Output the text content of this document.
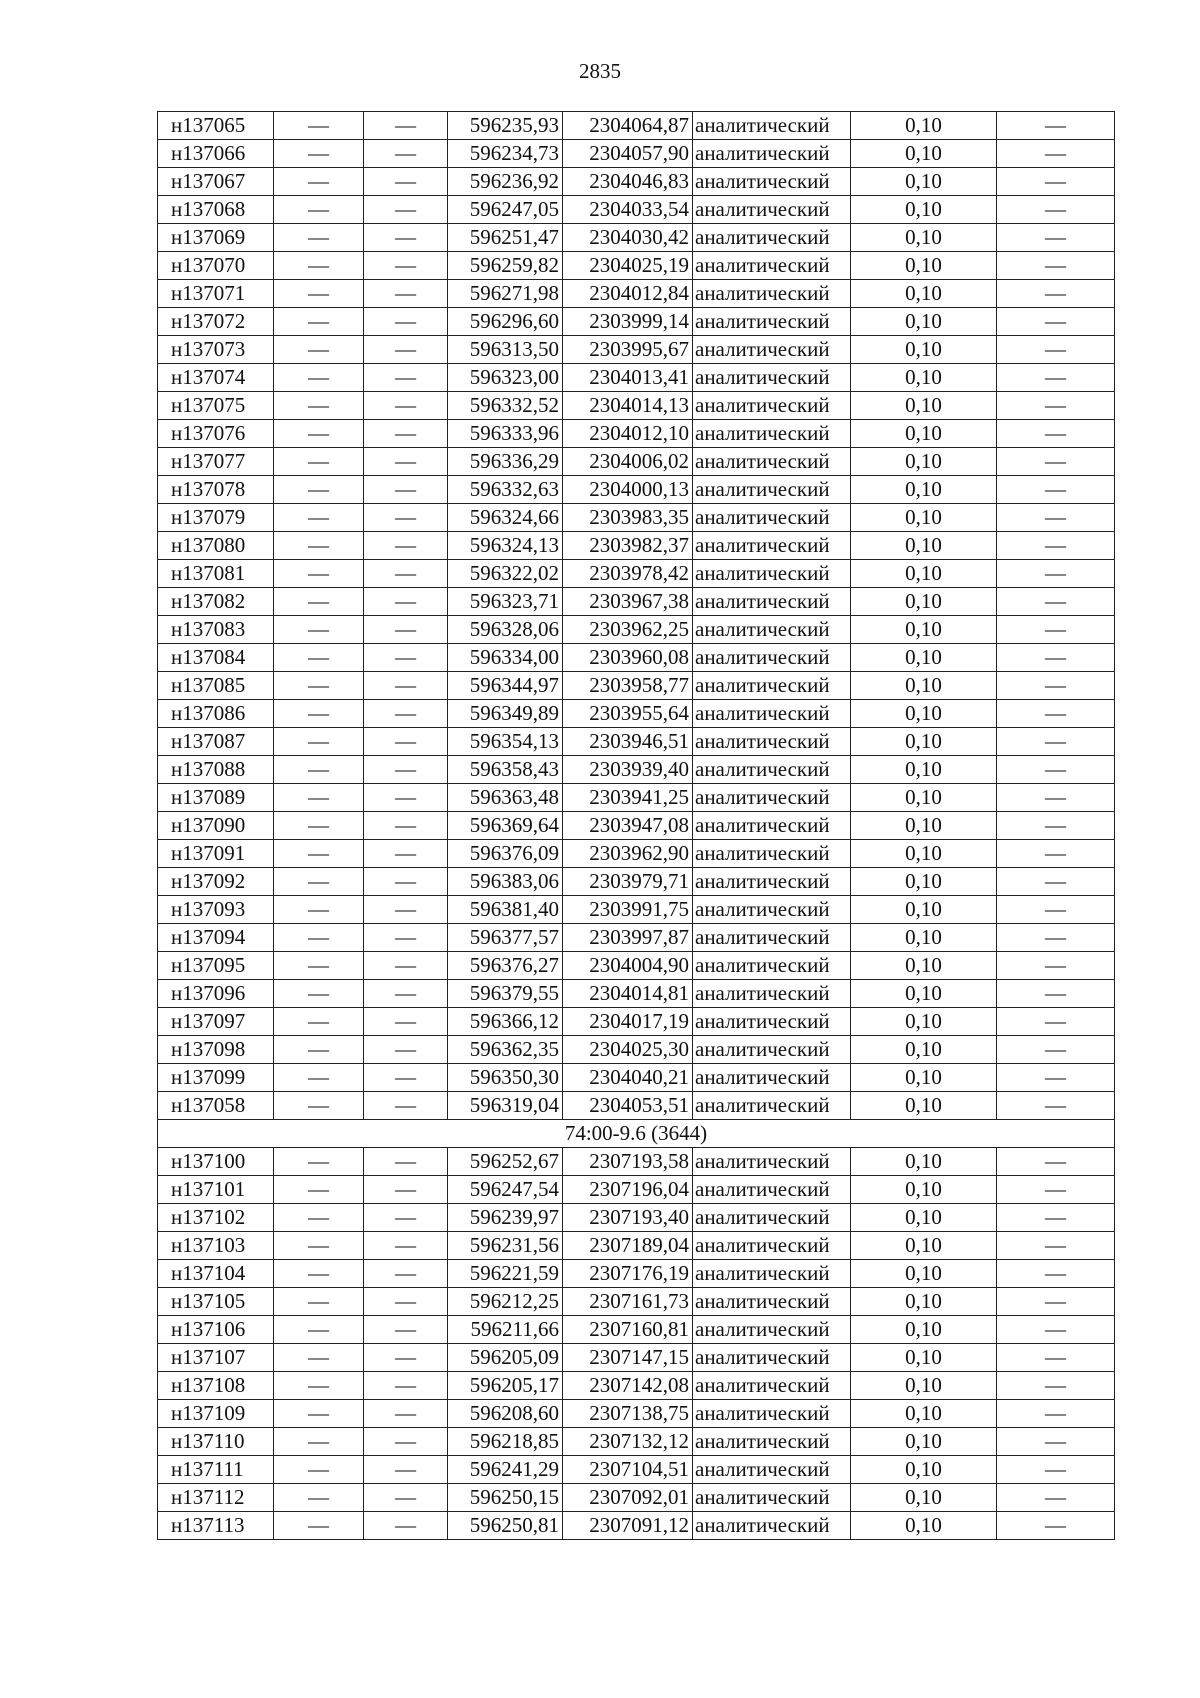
2835
н137065	—	—	596235,93	2304064,87	аналитический	0,10	—
н137066	—	—	596234,73	2304057,90	аналитический	0,10	—
н137067	—	—	596236,92	2304046,83	аналитический	0,10	—
н137068	—	—	596247,05	2304033,54	аналитический	0,10	—
н137069	—	—	596251,47	2304030,42	аналитический	0,10	—
н137070	—	—	596259,82	2304025,19	аналитический	0,10	—
н137071	—	—	596271,98	2304012,84	аналитический	0,10	—
н137072	—	—	596296,60	2303999,14	аналитический	0,10	—
н137073	—	—	596313,50	2303995,67	аналитический	0,10	—
н137074	—	—	596323,00	2304013,41	аналитический	0,10	—
н137075	—	—	596332,52	2304014,13	аналитический	0,10	—
н137076	—	—	596333,96	2304012,10	аналитический	0,10	—
н137077	—	—	596336,29	2304006,02	аналитический	0,10	—
н137078	—	—	596332,63	2304000,13	аналитический	0,10	—
н137079	—	—	596324,66	2303983,35	аналитический	0,10	—
н137080	—	—	596324,13	2303982,37	аналитический	0,10	—
н137081	—	—	596322,02	2303978,42	аналитический	0,10	—
н137082	—	—	596323,71	2303967,38	аналитический	0,10	—
н137083	—	—	596328,06	2303962,25	аналитический	0,10	—
н137084	—	—	596334,00	2303960,08	аналитический	0,10	—
н137085	—	—	596344,97	2303958,77	аналитический	0,10	—
н137086	—	—	596349,89	2303955,64	аналитический	0,10	—
н137087	—	—	596354,13	2303946,51	аналитический	0,10	—
н137088	—	—	596358,43	2303939,40	аналитический	0,10	—
н137089	—	—	596363,48	2303941,25	аналитический	0,10	—
н137090	—	—	596369,64	2303947,08	аналитический	0,10	—
н137091	—	—	596376,09	2303962,90	аналитический	0,10	—
н137092	—	—	596383,06	2303979,71	аналитический	0,10	—
н137093	—	—	596381,40	2303991,75	аналитический	0,10	—
н137094	—	—	596377,57	2303997,87	аналитический	0,10	—
н137095	—	—	596376,27	2304004,90	аналитический	0,10	—
н137096	—	—	596379,55	2304014,81	аналитический	0,10	—
н137097	—	—	596366,12	2304017,19	аналитический	0,10	—
н137098	—	—	596362,35	2304025,30	аналитический	0,10	—
н137099	—	—	596350,30	2304040,21	аналитический	0,10	—
н137058	—	—	596319,04	2304053,51	аналитический	0,10	—
74:00-9.6 (3644)							
н137100	—	—	596252,67	2307193,58	аналитический	0,10	—
н137101	—	—	596247,54	2307196,04	аналитический	0,10	—
н137102	—	—	596239,97	2307193,40	аналитический	0,10	—
н137103	—	—	596231,56	2307189,04	аналитический	0,10	—
н137104	—	—	596221,59	2307176,19	аналитический	0,10	—
н137105	—	—	596212,25	2307161,73	аналитический	0,10	—
н137106	—	—	596211,66	2307160,81	аналитический	0,10	—
н137107	—	—	596205,09	2307147,15	аналитический	0,10	—
н137108	—	—	596205,17	2307142,08	аналитический	0,10	—
н137109	—	—	596208,60	2307138,75	аналитический	0,10	—
н137110	—	—	596218,85	2307132,12	аналитический	0,10	—
н137111	—	—	596241,29	2307104,51	аналитический	0,10	—
н137112	—	—	596250,15	2307092,01	аналитический	0,10	—
н137113	—	—	596250,81	2307091,12	аналитический	0,10	—
